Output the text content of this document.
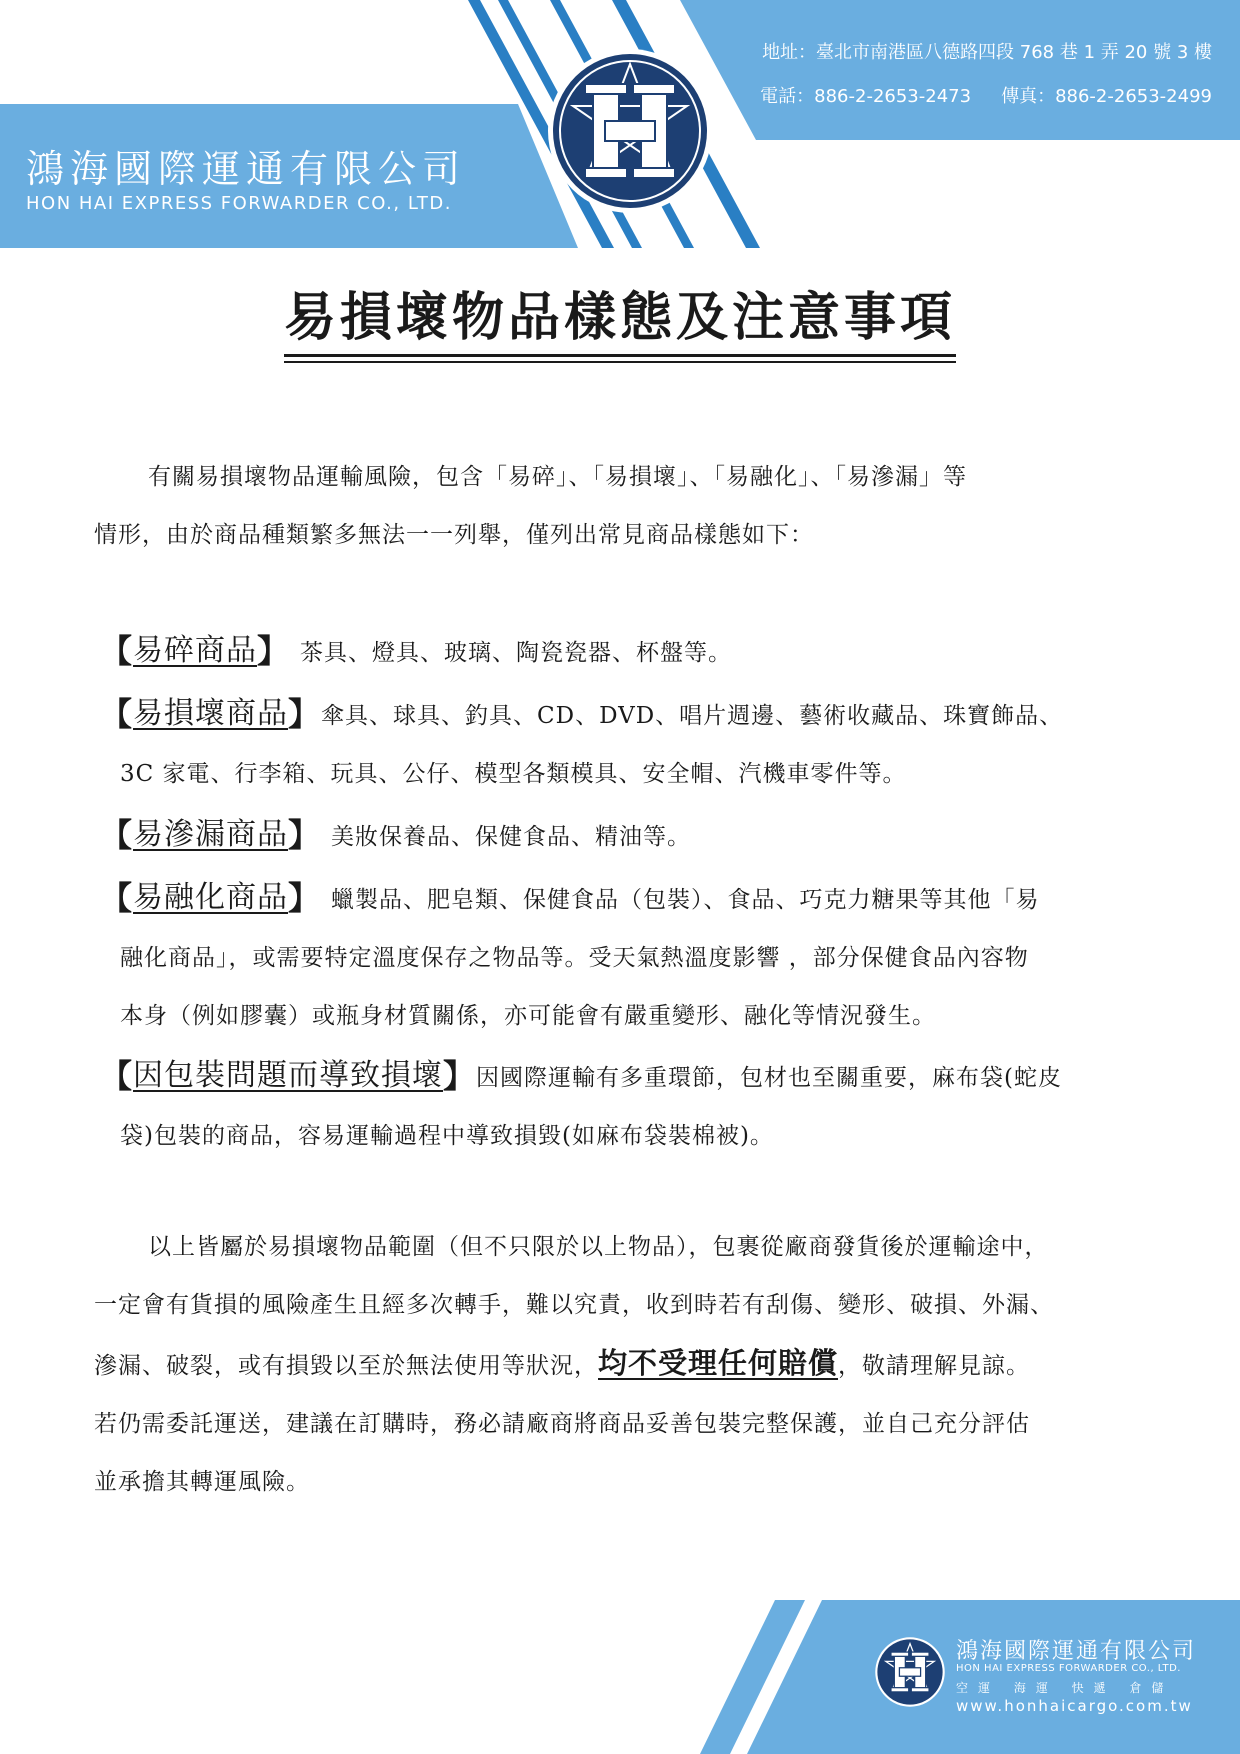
鴻海國際運通有限公司
HON HAI EXPRESS FORWARDER CO., LTD.
地址：臺北市南港區八德路四段 768 巷 1 弄 20 號 3 樓
電話：886-2-2653-2473 傳真：886-2-2653-2499
易損壞物品樣態及注意事項
有關易損壞物品運輸風險，包含「易碎」、「易損壞」、「易融化」、「易滲漏」等
情形，由於商品種類繁多無法一一列舉，僅列出常見商品樣態如下：
【易碎商品】 茶具、燈具、玻璃、陶瓷瓷器、杯盤等。
【易損壞商品】傘具、球具、釣具、CD、DVD、唱片週邊、藝術收藏品、珠寶飾品、
3C 家電、行李箱、玩具、公仔、模型各類模具、安全帽、汽機車零件等。
【易滲漏商品】 美妝保養品、保健食品、精油等。
【易融化商品】 蠟製品、肥皂類、保健食品（包裝）、食品、巧克力糖果等其他「易
融化商品」，或需要特定溫度保存之物品等。受天氣熱溫度影響 ，部分保健食品內容物
本身（例如膠囊）或瓶身材質關係，亦可能會有嚴重變形、融化等情況發生。
【因包裝問題而導致損壞】因國際運輸有多重環節，包材也至關重要，麻布袋(蛇皮
袋)包裝的商品，容易運輸過程中導致損毀(如麻布袋裝棉被)。
以上皆屬於易損壞物品範圍（但不只限於以上物品），包裹從廠商發貨後於運輸途中，
一定會有貨損的風險產生且經多次轉手，難以究責，收到時若有刮傷、變形、破損、外漏、
滲漏、破裂，或有損毀以至於無法使用等狀況，均不受理任何賠償，敬請理解見諒。
若仍需委託運送，建議在訂購時，務必請廠商將商品妥善包裝完整保護，並自己充分評估
並承擔其轉運風險。
鴻海國際運通有限公司
HON HAI EXPRESS FORWARDER CO., LTD.
空運 海運 快遞 倉儲
www.honhaicargo.com.tw
